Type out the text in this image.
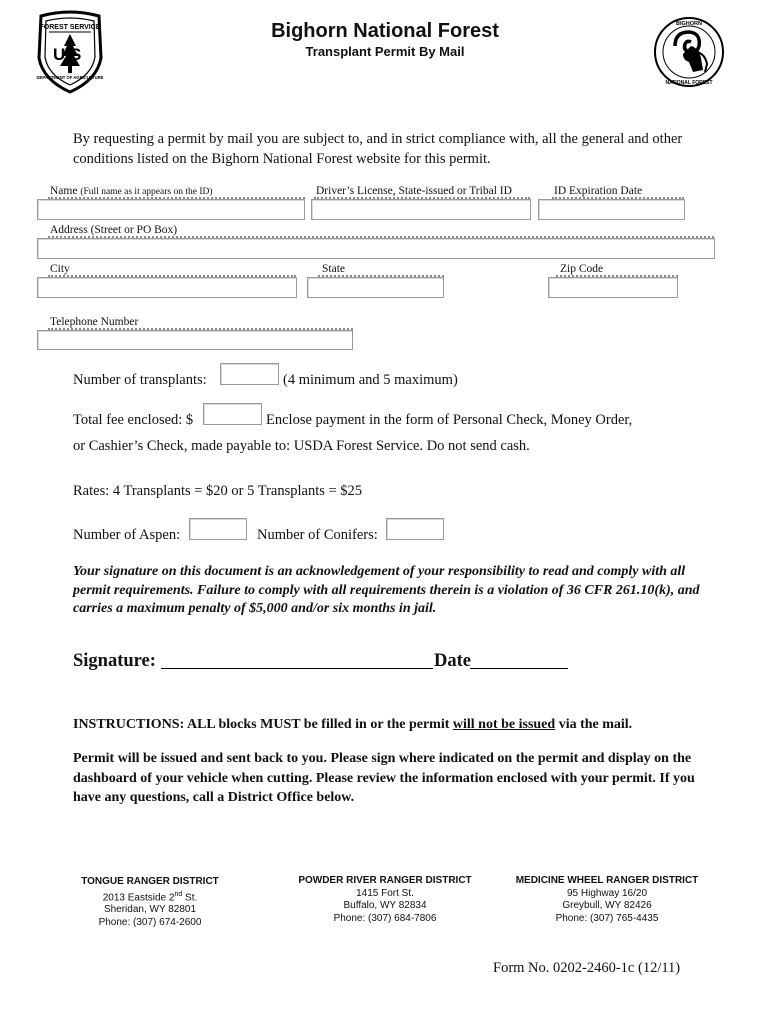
U S
FOREST SERVICE
DEPARTMENT OF AGRICULTURE
BIGHORN
NATIONAL FOREST
Bighorn National Forest
Transplant Permit By Mail
By requesting a permit by mail you are subject to, and in strict compliance with, all the general and other conditions listed on the Bighorn National Forest website for this permit.
Name (Full name as it appears on the ID)	Driver’s License, State-issued or Tribal ID	ID Expiration Date
Address (Street or PO Box)
City	State	Zip Code
Telephone Number
Number of transplants:	(4 minimum and 5 maximum)
Total fee enclosed: $	Enclose payment in the form of Personal Check, Money Order,
or Cashier’s Check, made payable to: USDA Forest Service. Do not send cash.
Rates: 4 Transplants = $20 or 5 Transplants = $25
Number of Aspen:	Number of Conifers:
Your signature on this document is an acknowledgement of your responsibility to read and comply with all permit requirements. Failure to comply with all requirements therein is a violation of 36 CFR 261.10(k), and carries a maximum penalty of $5,000 and/or six months in jail.
Signature:	Date
INSTRUCTIONS: ALL blocks MUST be filled in or the permit will not be issued via the mail.
Permit will be issued and sent back to you. Please sign where indicated on the permit and display on the dashboard of your vehicle when cutting. Please review the information enclosed with your permit. If you have any questions, call a District Office below.
TONGUE RANGER DISTRICT
2013 Eastside 2nd St.
Sheridan, WY 82801
Phone: (307) 674-2600
POWDER RIVER RANGER DISTRICT
1415 Fort St.
Buffalo, WY 82834
Phone: (307) 684-7806
MEDICINE WHEEL RANGER DISTRICT
95 Highway 16/20
Greybull, WY 82426
Phone: (307) 765-4435
Form No. 0202-2460-1c (12/11)
